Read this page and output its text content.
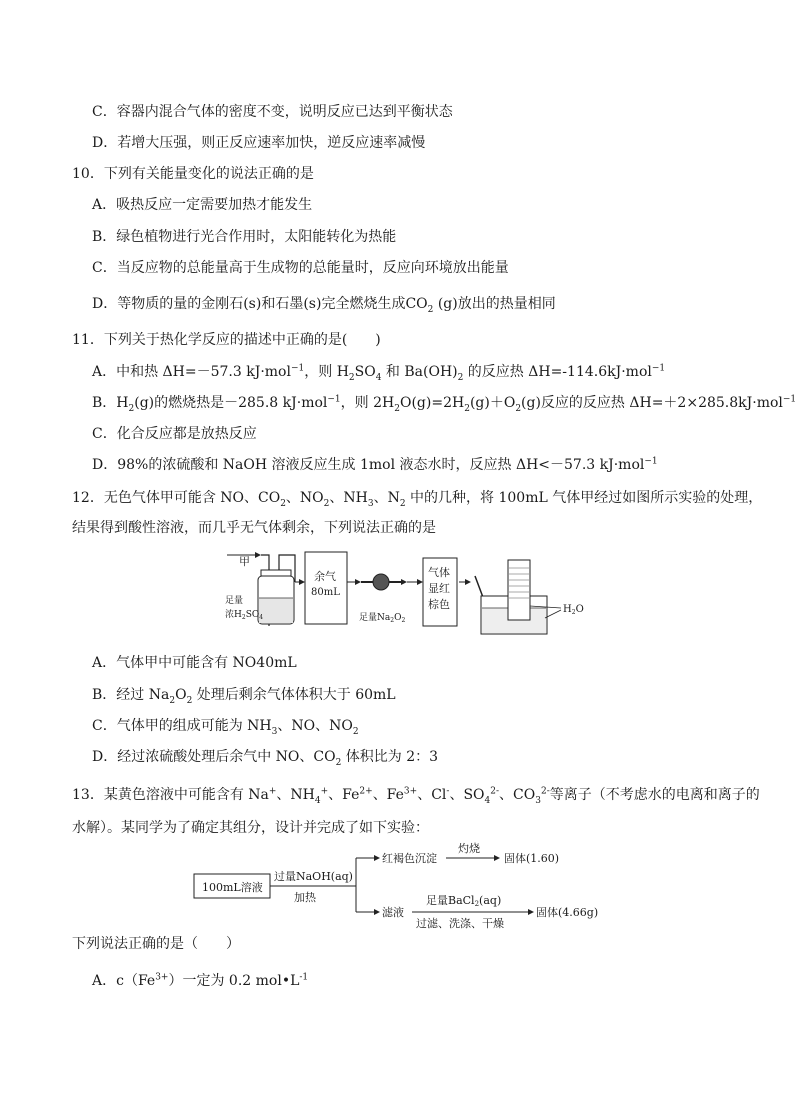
C．容器内混合气体的密度不变，说明反应已达到平衡状态
D．若增大压强，则正反应速率加快，逆反应速率减慢
10．下列有关能量变化的说法正确的是
A．吸热反应一定需要加热才能发生
B．绿色植物进行光合作用时，太阳能转化为热能
C．当反应物的总能量高于生成物的总能量时，反应向环境放出能量
D．等物质的量的金刚石(s)和石墨(s)完全燃烧生成$CO_2$ (g)放出的热量相同
11．下列关于热化学反应的描述中正确的是(　　)
A．中和热 ΔH=－57.3 kJ·mol$^{-1}$，则 $H_2SO_4$ 和 $Ba(OH)_2$ 的反应热 ΔH=-114.6kJ·mol$^{-1}$
B．$H_2(g)$的燃烧热是－285.8 kJ·mol$^{-1}$，则 $2H_2O(g)=2H_2(g)+O_2(g)$反应的反应热 ΔH=＋2×285.8kJ·mol$^{-1}$
C．化合反应都是放热反应
D．98%的浓硫酸和 NaOH 溶液反应生成 1mol 液态水时，反应热 ΔH<－57.3 kJ·mol$^{-1}$
12．无色气体甲可能含 NO、$CO_2$、$NO_2$、$NH_3$、$N_2$ 中的几种，将 100mL 气体甲经过如图所示实验的处理，
结果得到酸性溶液，而几乎无气体剩余，下列说法正确的是
甲
足量
浓$H_2SO_4$
余气
80mL
足量$Na_2O_2$
气体
显红
棕色	$H_2O$
A．气体甲中可能含有 NO40mL
B．经过 $Na_2O_2$ 处理后剩余气体体积大于 60mL
C．气体甲的组成可能为 $NH_3$、NO、$NO_2$
D．经过浓硫酸处理后余气中 NO、$CO_2$ 体积比为 2：3
13．某黄色溶液中可能含有 Na+、$NH_4^+$、$Fe^{2+}$、$Fe^{3+}$、Cl-、$SO_4^{2-}$、$CO_3^{2-}$等离子（不考虑水的电离和离子的
水解）。某同学为了确定其组分，设计并完成了如下实验：
100mL溶液
过量NaOH(aq)
加热
红褐色沉淀
灼烧
固体(1.60)
滤液
足量BaCl2(aq)
过滤、洗涤、干燥
固体(4.66g)
下列说法正确的是（　　）
A．$c(Fe^{3+})$一定为 0.2 $mol•L^{-1}$
